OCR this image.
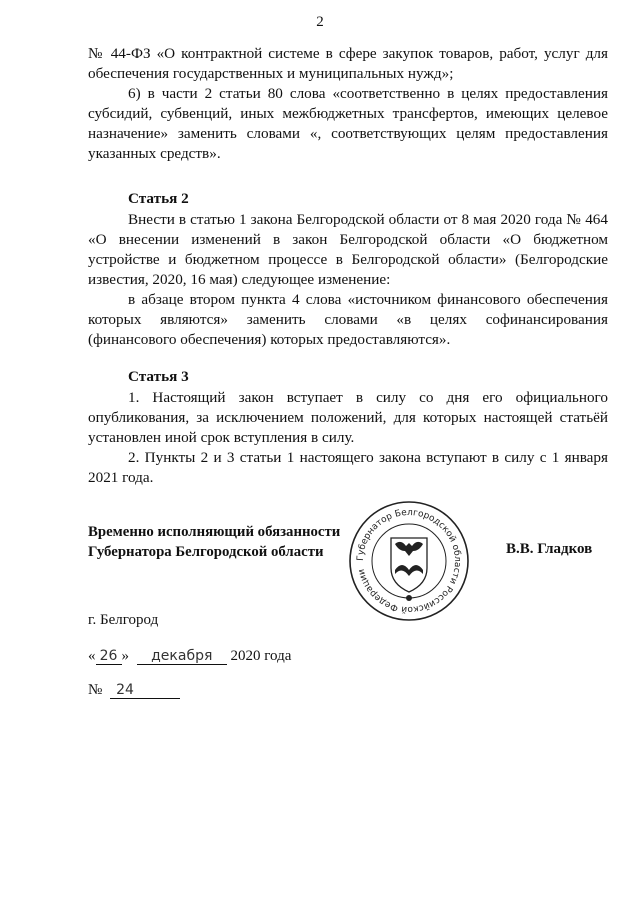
2

№ 44-ФЗ «О контрактной системе в сфере закупок товаров, работ, услуг для обеспечения государственных и муниципальных нужд»;

6) в части 2 статьи 80 слова «соответственно в целях предоставления субсидий, субвенций, иных межбюджетных трансфертов, имеющих целевое назначение» заменить словами «, соответствующих целям предоставления указанных средств».

Статья 2

Внести в статью 1 закона Белгородской области от 8 мая 2020 года № 464 «О внесении изменений в закон Белгородской области «О бюджетном устройстве и бюджетном процессе в Белгородской области» (Белгородские известия, 2020, 16 мая) следующее изменение:

в абзаце втором пункта 4 слова «источником финансового обеспечения которых являются» заменить словами «в целях софинансирования (финансового обеспечения) которых предоставляются».

Статья 3

1. Настоящий закон вступает в силу со дня его официального опубликования, за исключением положений, для которых настоящей статьёй установлен иной срок вступления в силу.

2. Пункты 2 и 3 статьи 1 настоящего закона вступают в силу с 1 января 2021 года.

Временно исполняющий обязанности
Губернатора Белгородской области	Губернатор Белгородской области Российской Федерации
В.В. Гладков
г. Белгород
« 26 » декабря 2020 года
№ 24
